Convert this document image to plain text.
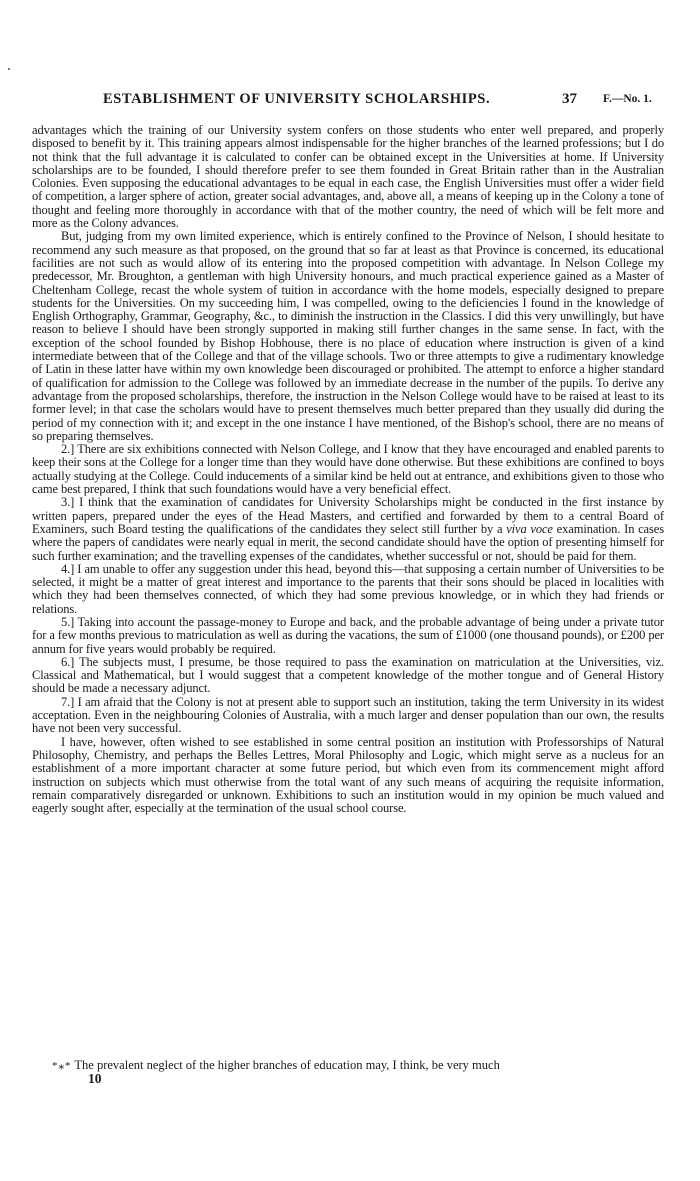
ESTABLISHMENT OF UNIVERSITY SCHOLARSHIPS.	37 F.—No. 1.

advantages which the training of our University system confers on those students who enter well prepared, and properly disposed to benefit by it. This training appears almost indispensable for the higher branches of the learned professions; but I do not think that the full advantage it is calculated to confer can be obtained except in the Universities at home. If University scholarships are to be founded, I should therefore prefer to see them founded in Great Britain rather than in the Australian Colonies. Even supposing the educational advantages to be equal in each case, the English Universities must offer a wider field of competition, a larger sphere of action, greater social advantages, and, above all, a means of keeping up in the Colony a tone of thought and feeling more thoroughly in accordance with that of the mother country, the need of which will be felt more and more as the Colony advances.

But, judging from my own limited experience, which is entirely confined to the Province of Nelson, I should hesitate to recommend any such measure as that proposed, on the ground that so far at least as that Province is concerned, its educational facilities are not such as would allow of its entering into the proposed competition with advantage. In Nelson College my predecessor, Mr. Broughton, a gentleman with high University honours, and much practical experience gained as a Master of Cheltenham College, recast the whole system of tuition in accordance with the home models, especially designed to prepare students for the Universities. On my succeeding him, I was compelled, owing to the deficiencies I found in the knowledge of English Orthography, Grammar, Geography, &c., to diminish the instruction in the Classics. I did this very unwillingly, but have reason to believe I should have been strongly supported in making still further changes in the same sense. In fact, with the exception of the school founded by Bishop Hobhouse, there is no place of education where instruction is given of a kind intermediate between that of the College and that of the village schools. Two or three attempts to give a rudimentary knowledge of Latin in these latter have within my own knowledge been discouraged or prohibited. The attempt to enforce a higher standard of qualification for admission to the College was followed by an immediate decrease in the number of the pupils. To derive any advantage from the proposed scholarships, therefore, the instruction in the Nelson College would have to be raised at least to its former level; in that case the scholars would have to present themselves much better prepared than they usually did during the period of my connection with it; and except in the one instance I have mentioned, of the Bishop's school, there are no means of so preparing themselves.

2.] There are six exhibitions connected with Nelson College, and I know that they have encouraged and enabled parents to keep their sons at the College for a longer time than they would have done otherwise. But these exhibitions are confined to boys actually studying at the College. Could inducements of a similar kind be held out at entrance, and exhibitions given to those who came best prepared, I think that such foundations would have a very beneficial effect.

3.] I think that the examination of candidates for University Scholarships might be conducted in the first instance by written papers, prepared under the eyes of the Head Masters, and certified and forwarded by them to a central Board of Examiners, such Board testing the qualifications of the candidates they select still further by a viva voce examination. In cases where the papers of candidates were nearly equal in merit, the second candidate should have the option of presenting himself for such further examination; and the travelling expenses of the candidates, whether successful or not, should be paid for them.

4.] I am unable to offer any suggestion under this head, beyond this—that supposing a certain number of Universities to be selected, it might be a matter of great interest and importance to the parents that their sons should be placed in localities with which they had been themselves connected, of which they had some previous knowledge, or in which they had friends or relations.

5.] Taking into account the passage-money to Europe and back, and the probable advantage of being under a private tutor for a few months previous to matriculation as well as during the vacations, the sum of £1000 (one thousand pounds), or £200 per annum for five years would probably be required.

6.] The subjects must, I presume, be those required to pass the examination on matriculation at the Universities, viz. Classical and Mathematical, but I would suggest that a competent knowledge of the mother tongue and of General History should be made a necessary adjunct.

7.] I am afraid that the Colony is not at present able to support such an institution, taking the term University in its widest acceptation. Even in the neighbouring Colonies of Australia, with a much larger and denser population than our own, the results have not been very successful.

I have, however, often wished to see established in some central position an institution with Professorships of Natural Philosophy, Chemistry, and perhaps the Belles Lettres, Moral Philosophy and Logic, which might serve as a nucleus for an establishment of a more important character at some future period, but which even from its commencement might afford instruction on subjects which must otherwise from the total want of any such means of acquiring the requisite information, remain comparatively disregarded or unknown. Exhibitions to such an institution would in my opinion be much valued and eagerly sought after, especially at the termination of the usual school course.

*⁎* The prevalent neglect of the higher branches of education may, I think, be very much
10
